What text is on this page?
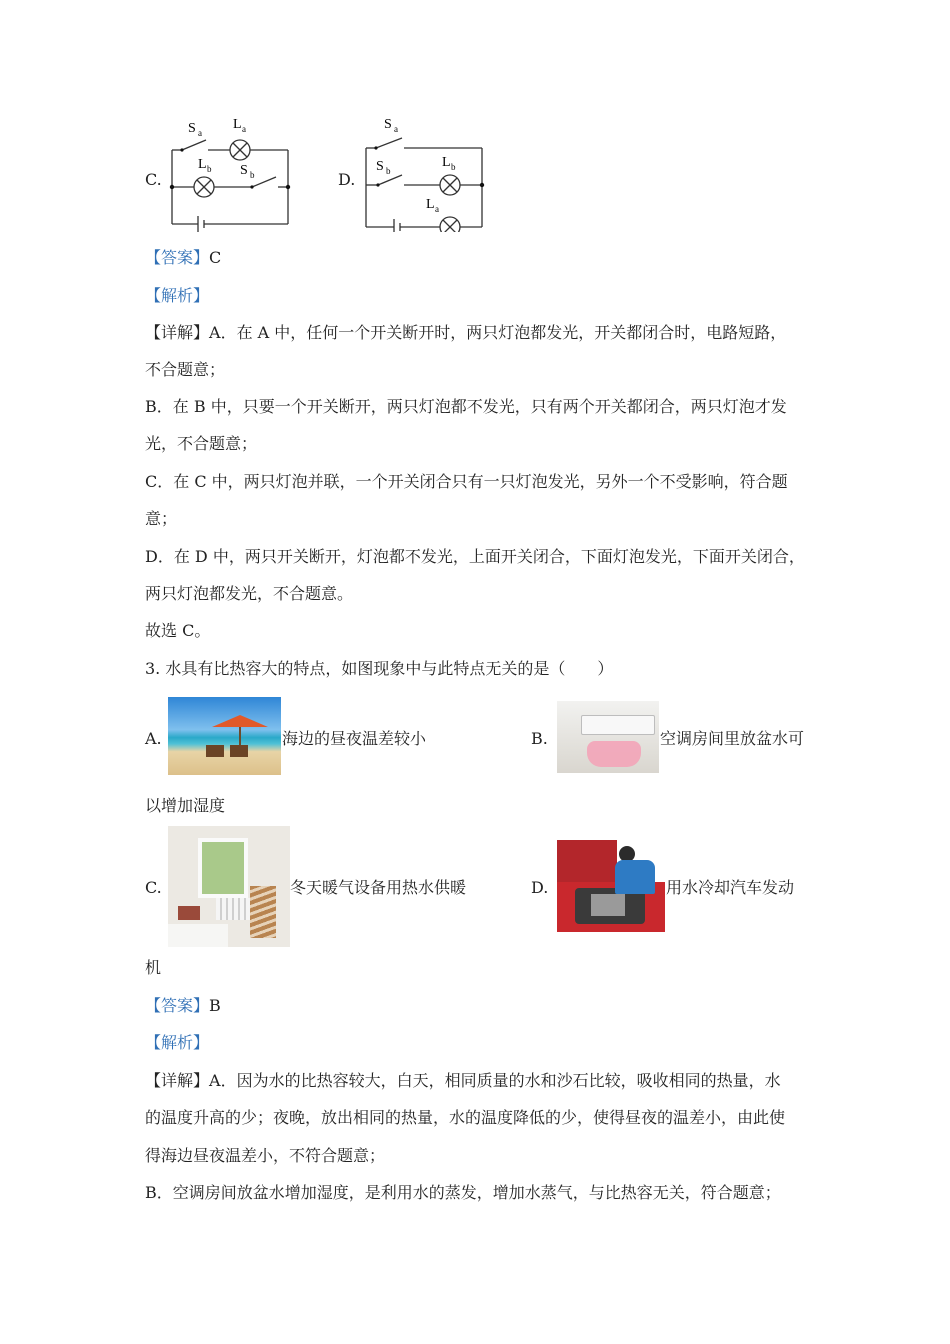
C.
S a
L a
L b S b	D.
S a
S b
L b
L a
【答案】C
【解析】
【详解】A．在 A 中，任何一个开关断开时，两只灯泡都发光，开关都闭合时，电路短路，
不合题意；
B．在 B 中，只要一个开关断开，两只灯泡都不发光，只有两个开关都闭合，两只灯泡才发
光，不合题意；
C．在 C 中，两只灯泡并联，一个开关闭合只有一只灯泡发光，另外一个不受影响，符合题
意；
D．在 D 中，两只开关断开，灯泡都不发光，上面开关闭合，下面灯泡发光，下面开关闭合，
两只灯泡都发光，不合题意。
故选 C。
3. 水具有比热容大的特点，如图现象中与此特点无关的是（　　）
A.	海边的昼夜温差较小	B.	空调房间里放盆水可
以增加湿度
C.	冬天暖气设备用热水供暖	D.	用水冷却汽车发动
机
【答案】B
【解析】
【详解】A．因为水的比热容较大，白天，相同质量的水和沙石比较，吸收相同的热量，水
的温度升高的少；夜晚，放出相同的热量，水的温度降低的少，使得昼夜的温差小，由此使
得海边昼夜温差小，不符合题意；
B．空调房间放盆水增加湿度，是利用水的蒸发，增加水蒸气，与比热容无关，符合题意；
